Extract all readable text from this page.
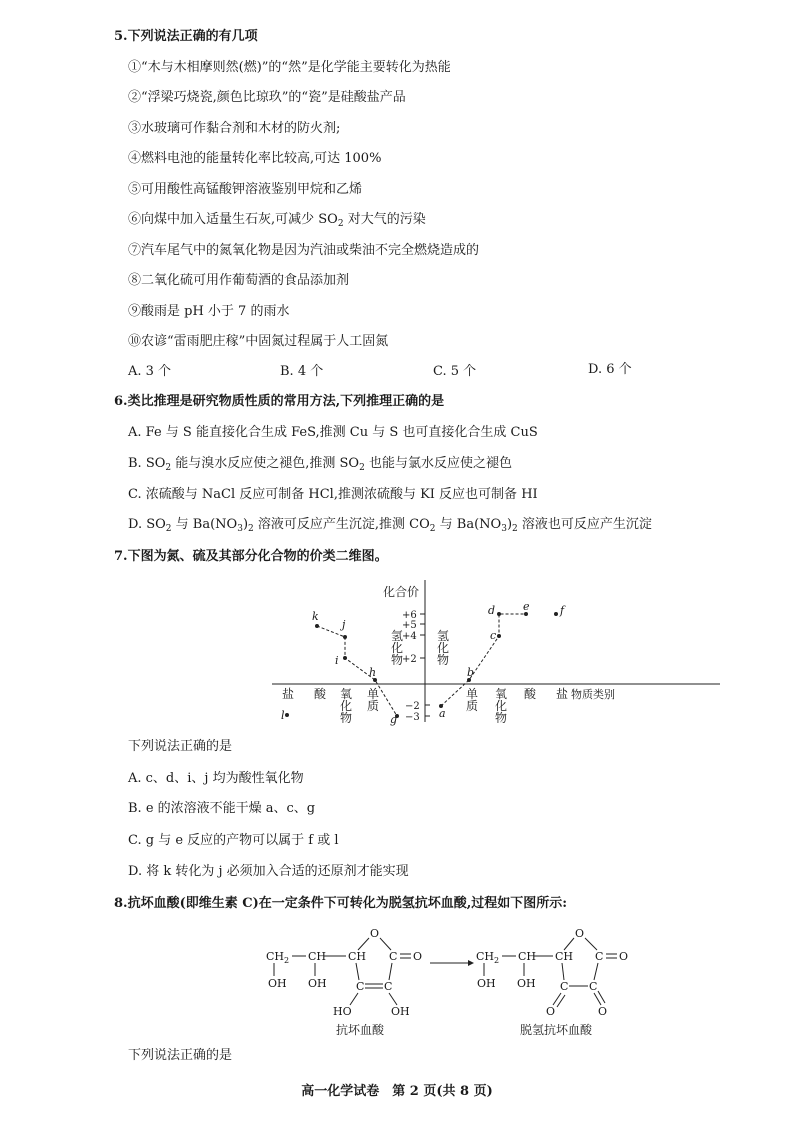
5.下列说法正确的有几项
①“木与木相摩则然(燃)”的“然”是化学能主要转化为热能
②“浮梁巧烧瓷,颜色比琼玖”的“瓷”是硅酸盐产品
③水玻璃可作黏合剂和木材的防火剂;
④燃料电池的能量转化率比较高,可达 100%
⑤可用酸性高锰酸钾溶液鉴别甲烷和乙烯
⑥向煤中加入适量生石灰,可减少 $SO_2$ 对大气的污染
⑦汽车尾气中的氮氧化物是因为汽油或柴油不完全燃烧造成的
⑧二氧化硫可用作葡萄酒的食品添加剂
⑨酸雨是 pH 小于 7 的雨水
⑩农谚“雷雨肥庄稼”中固氮过程属于人工固氮
A. 3 个	B. 4 个	C. 5 个	D. 6 个
6.类比推理是研究物质性质的常用方法,下列推理正确的是
A. Fe 与 S 能直接化合生成 FeS,推测 Cu 与 S 也可直接化合生成 CuS
B. $SO_2$ 能与溴水反应使之褪色,推测 $SO_2$ 也能与氯水反应使之褪色
C. 浓硫酸与 NaCl 反应可制备 HCl,推测浓硫酸与 KI 反应也可制备 HI
D. $SO_2$ 与 $Ba(NO_3)_2$ 溶液可反应产生沉淀,推测 $CO_2$ 与 $Ba(NO_3)_2$ 溶液也可反应产生沉淀
7.下图为氮、硫及其部分化合物的价类二维图。
化合价
+6
+5
+4
+2
−2
−3
氢
化
物
氢
化
物
盐 酸 氧
化
物
单
质
单
质
氧
化
物
酸 盐 物质类别
k
j
i
h
g
l	a
b
c
d	e	f
下列说法正确的是
A. c、d、i、j 均为酸性氧化物
B. e 的浓溶液不能干燥 a、c、g
C. g 与 e 反应的产物可以属于 f 或 l
D. 将 k 转化为 j 必须加入合适的还原剂才能实现
8.抗坏血酸(即维生素 C)在一定条件下可转化为脱氢抗坏血酸,过程如下图所示:
$CH_2$ CH CH
O
C O
C C
OH OH
HO	OH
抗坏血酸
$CH_2$ CH CH
O
C O
C C
OH OH
O	O
脱氢抗坏血酸
下列说法正确的是
高一化学试卷　第 2 页(共 8 页)
